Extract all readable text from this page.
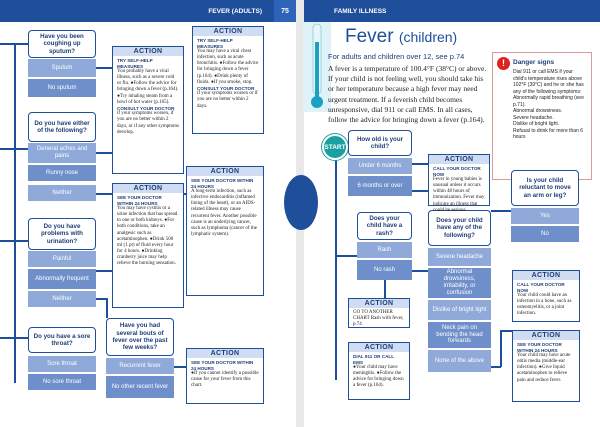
FEVER (ADULTS)	75	FAMILY ILLNESS
Have you been coughing up sputum?
Sputum
No sputum
Do you have either of the following?
General aches and pains
Runny nose
Neither
Do you have problems with urination?
Painful
Abnormally frequent
Neither
Do you have a sore throat?
Sore throat
No sore throat
Have you had several bouts of fever over the past few weeks?
Recurrent fever
No other recent fever
ACTION
TRY SELF-HELP MEASURES
You probably have a viral illness, such as a severe cold or flu. ●Follow the advice for bringing down a fever (p.164). ●Try inhaling steam from a bowl of hot water (p.165).
CONSULT YOUR DOCTOR
if your symptoms worsen, if you are no better within 2 days, or if any other symptoms develop.
ACTION
TRY SELF-HELP MEASURES
You may have a viral chest infection, such as acute bronchitis. ●Follow the advice for bringing down a fever (p.164). ●Drink plenty of fluids. ●If you smoke, stop.
CONSULT YOUR DOCTOR
if your symptoms worsen or if you are no better within 2 days.
ACTION
SEE YOUR DOCTOR WITHIN 24 HOURS
You may have cystitis or a urine infection that has spread to one or both kidneys. ●For both conditions, take an analgesic such as acetaminophen. ●Drink 500 ml (1 pt) of fluid every hour for 4 hours. ●Drinking cranberry juice may help relieve the burning sensation.
ACTION
SEE YOUR DOCTOR WITHIN 24 HOURS
A long-term infection, such as infective endocarditis (inflamed lining of the heart), or an AIDS-related illness may cause recurrent fever. Another possible cause is an underlying cancer, such as lymphoma (cancer of the lymphatic system).
ACTION
SEE YOUR DOCTOR WITHIN 24 HOURS
●If you cannot identify a possible cause for your fever from this chart.
Fever (children)
For adults and children over 12, see p.74
A fever is a temperature of 100.4°F (38°C) or above. If your child is not feeling well, you should take his or her temperature because a high fever may need urgent treatment. If a feverish child becomes unresponsive, dial 911 or call EMS. In all cases, follow the advice for bringing down a fever (p.164).
!	Danger signs
Dial 911 or call EMS if your child's temperature rises above 102°F (39°C) and he or she has any of the following symptoms:
Abnormally rapid breathing (see p.71).
Abnormal drowsiness.
Severe headache.
Dislike of bright light.
Refusal to drink for more than 6 hours
START
How old is your child?
Under 6 months
6 months or over
Does your child have a rash?
Rash
No rash
Does your child have any of the following?
Severe headache
Abnormal drowsiness, irritability, or confusion
Dislike of bright light
Neck pain on bending the head forwards
None of the above
Is your child reluctant to move an arm or leg?
Yes
No
ACTION
CALL YOUR DOCTOR NOW
Fever in young babies is unusual unless it occurs within 48 hours of immunization. Fever may indicate an illness that could be serious.
ACTION
GO TO ANOTHER CHART Rash with fever, p.74
ACTION
DIAL 911 OR CALL EMS
●Your child may have meningitis. ●Follow the advice for bringing down a fever (p.164).
ACTION
CALL YOUR DOCTOR NOW
Your child could have an infection in a bone, such as osteomyelitis, or a joint infection.
ACTION
SEE YOUR DOCTOR WITHIN 24 HOURS
Your child may have acute otitis media (middle-ear infection). ●Give liquid acetaminophen to relieve pain and reduce fever.
